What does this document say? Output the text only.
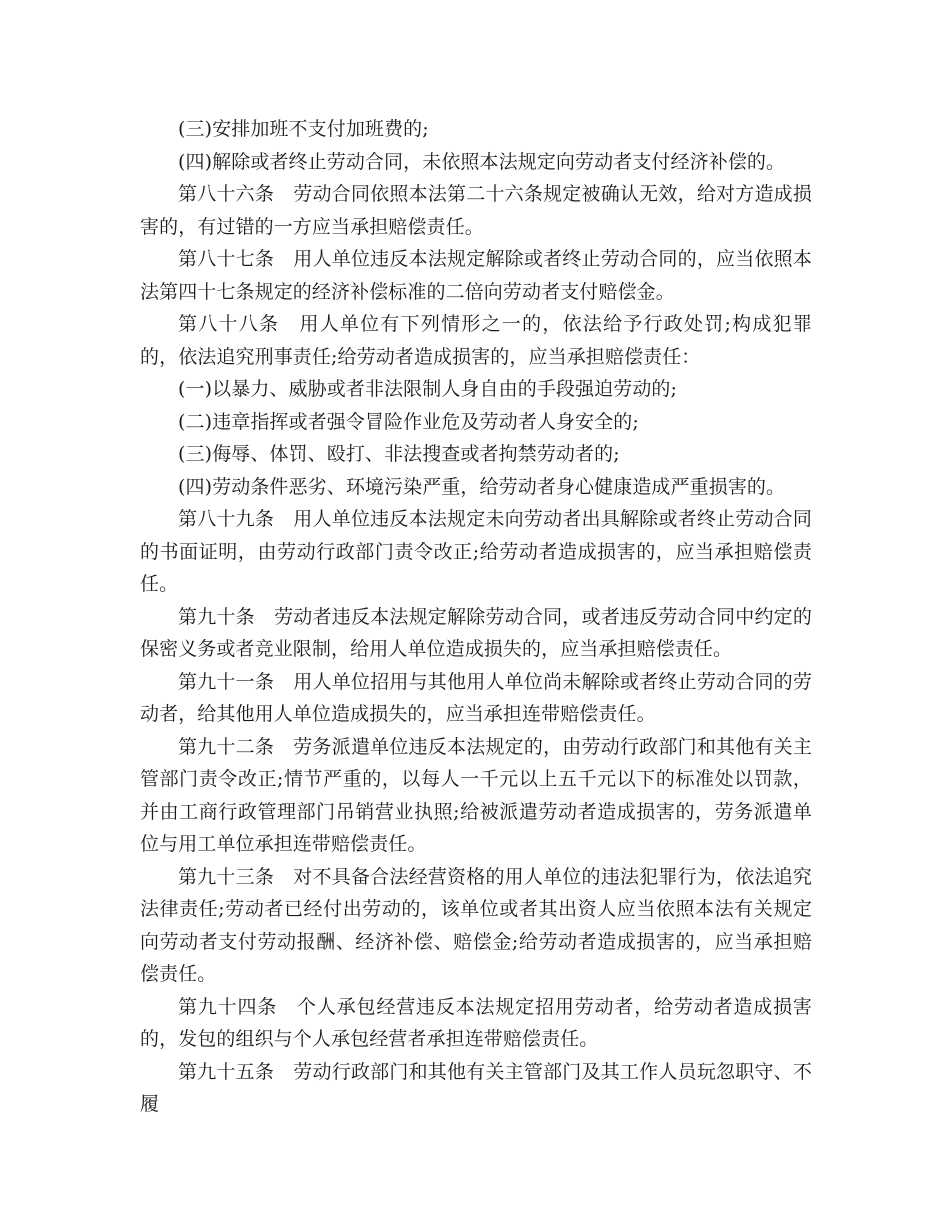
(三)安排加班不支付加班费的;

(四)解除或者终止劳动合同，未依照本法规定向劳动者支付经济补偿的。

第八十六条　劳动合同依照本法第二十六条规定被确认无效，给对方造成损害的，有过错的一方应当承担赔偿责任。

第八十七条　用人单位违反本法规定解除或者终止劳动合同的，应当依照本法第四十七条规定的经济补偿标准的二倍向劳动者支付赔偿金。

第八十八条　用人单位有下列情形之一的，依法给予行政处罚;构成犯罪的，依法追究刑事责任;给劳动者造成损害的，应当承担赔偿责任：

(一)以暴力、威胁或者非法限制人身自由的手段强迫劳动的;

(二)违章指挥或者强令冒险作业危及劳动者人身安全的;

(三)侮辱、体罚、殴打、非法搜查或者拘禁劳动者的;

(四)劳动条件恶劣、环境污染严重，给劳动者身心健康造成严重损害的。

第八十九条　用人单位违反本法规定未向劳动者出具解除或者终止劳动合同的书面证明，由劳动行政部门责令改正;给劳动者造成损害的，应当承担赔偿责任。

第九十条　劳动者违反本法规定解除劳动合同，或者违反劳动合同中约定的保密义务或者竞业限制，给用人单位造成损失的，应当承担赔偿责任。

第九十一条　用人单位招用与其他用人单位尚未解除或者终止劳动合同的劳动者，给其他用人单位造成损失的，应当承担连带赔偿责任。

第九十二条　劳务派遣单位违反本法规定的，由劳动行政部门和其他有关主管部门责令改正;情节严重的，以每人一千元以上五千元以下的标准处以罚款，并由工商行政管理部门吊销营业执照;给被派遣劳动者造成损害的，劳务派遣单位与用工单位承担连带赔偿责任。

第九十三条　对不具备合法经营资格的用人单位的违法犯罪行为，依法追究法律责任;劳动者已经付出劳动的，该单位或者其出资人应当依照本法有关规定向劳动者支付劳动报酬、经济补偿、赔偿金;给劳动者造成损害的，应当承担赔偿责任。

第九十四条　个人承包经营违反本法规定招用劳动者，给劳动者造成损害的，发包的组织与个人承包经营者承担连带赔偿责任。

第九十五条　劳动行政部门和其他有关主管部门及其工作人员玩忽职守、不履
